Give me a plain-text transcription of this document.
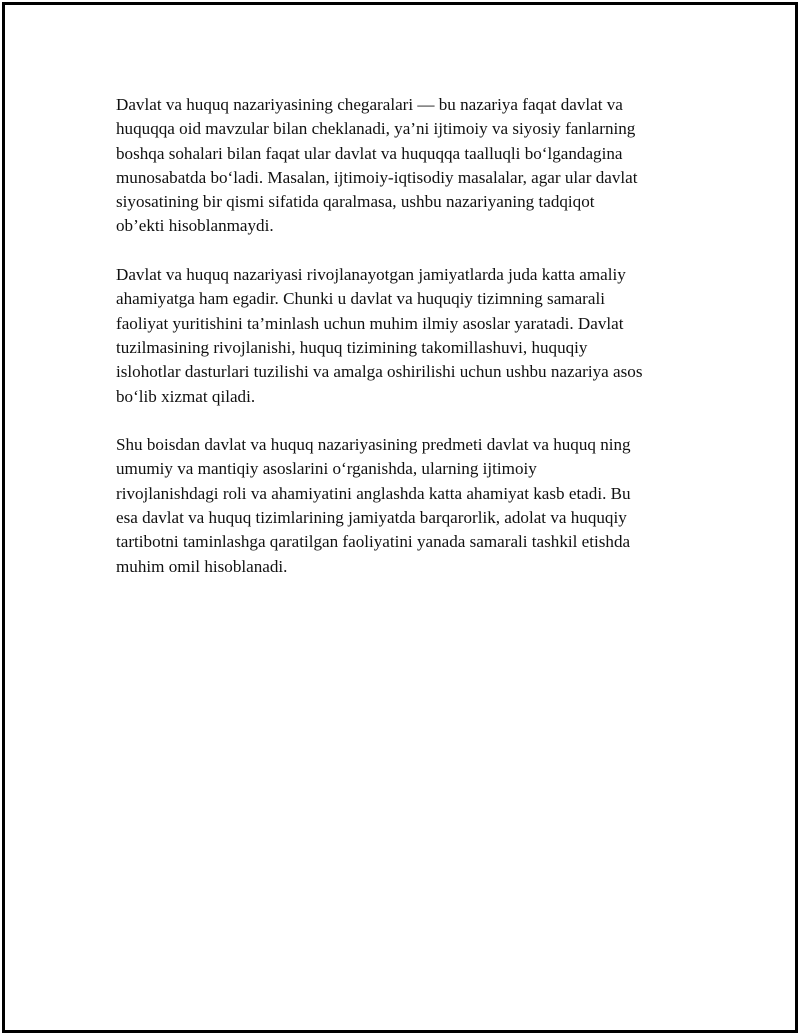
Davlat va huquq nazariyasining chegaralari — bu nazariya faqat davlat va
huquqqa oid mavzular bilan cheklanadi, ya’ni ijtimoiy va siyosiy fanlarning
boshqa sohalari bilan faqat ular davlat va huquqqa taalluqli bo‘lgandagina
munosabatda bo‘ladi. Masalan, ijtimoiy-iqtisodiy masalalar, agar ular davlat
siyosatining bir qismi sifatida qaralmasa, ushbu nazariyaning tadqiqot
ob’ekti hisoblanmaydi.

Davlat va huquq nazariyasi rivojlanayotgan jamiyatlarda juda katta amaliy
ahamiyatga ham egadir. Chunki u davlat va huquqiy tizimning samarali
faoliyat yuritishini ta’minlash uchun muhim ilmiy asoslar yaratadi. Davlat
tuzilmasining rivojlanishi, huquq tizimining takomillashuvi, huquqiy
islohotlar dasturlari tuzilishi va amalga oshirilishi uchun ushbu nazariya asos
bo‘lib xizmat qiladi.

Shu boisdan davlat va huquq nazariyasining predmeti davlat va huquq ning
umumiy va mantiqiy asoslarini o‘rganishda, ularning ijtimoiy
rivojlanishdagi roli va ahamiyatini anglashda katta ahamiyat kasb etadi. Bu
esa davlat va huquq tizimlarining jamiyatda barqarorlik, adolat va huquqiy
tartibotni taminlashga qaratilgan faoliyatini yanada samarali tashkil etishda
muhim omil hisoblanadi.
